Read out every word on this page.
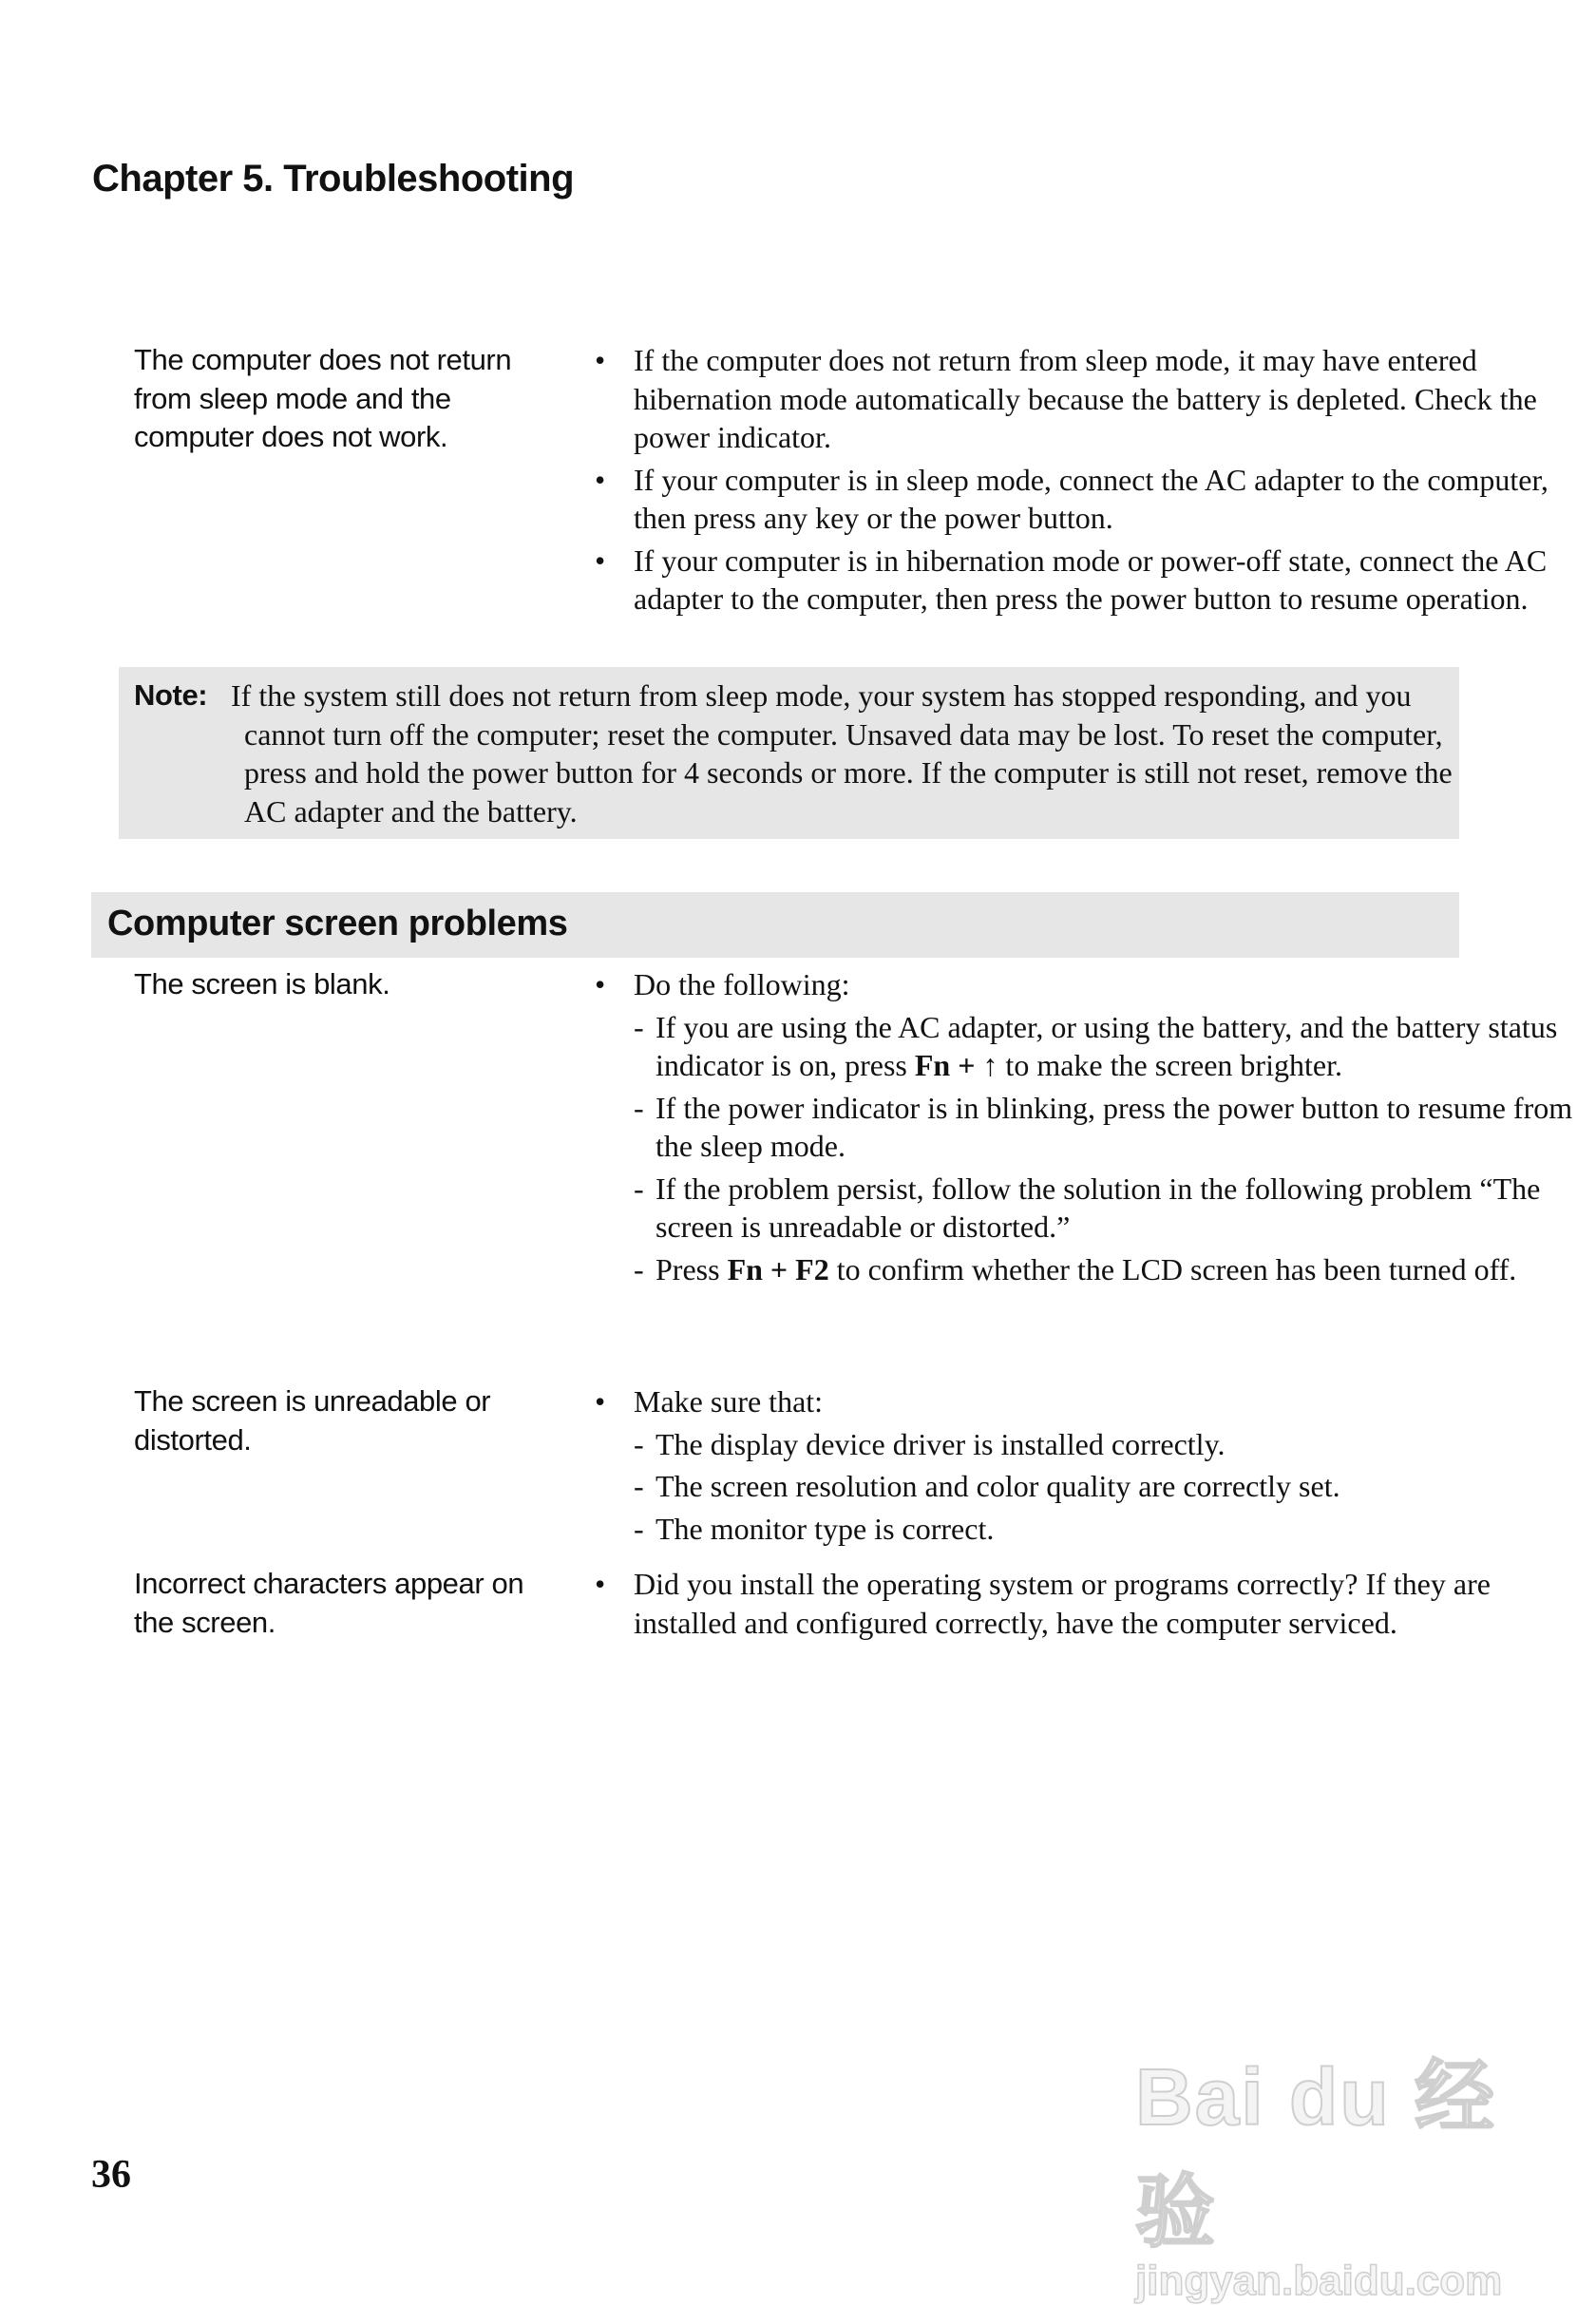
Chapter 5. Troubleshooting
The computer does not return from sleep mode and the computer does not work.
• If the computer does not return from sleep mode, it may have entered hibernation mode automatically because the battery is depleted. Check the power indicator.
• If your computer is in sleep mode, connect the AC adapter to the computer, then press any key or the power button.
• If your computer is in hibernation mode or power-off state, connect the AC adapter to the computer, then press the power button to resume operation.
Note: If the system still does not return from sleep mode, your system has stopped responding, and you cannot turn off the computer; reset the computer. Unsaved data may be lost. To reset the computer, press and hold the power button for 4 seconds or more. If the computer is still not reset, remove the AC adapter and the battery.
Computer screen problems
The screen is blank.	• Do the following:
- If you are using the AC adapter, or using the battery, and the battery status indicator is on, press Fn + ↑ to make the screen brighter.
- If the power indicator is in blinking, press the power button to resume from the sleep mode.
- If the problem persist, follow the solution in the following problem “The screen is unreadable or distorted.”
- Press Fn + F2 to confirm whether the LCD screen has been turned off.
The screen is unreadable or distorted.
• Make sure that:
- The display device driver is installed correctly.
- The screen resolution and color quality are correctly set.
- The monitor type is correct.
Incorrect characters appear on the screen.
• Did you install the operating system or programs correctly? If they are installed and configured correctly, have the computer serviced.
36
Bai du 经验
jingyan.baidu.com
